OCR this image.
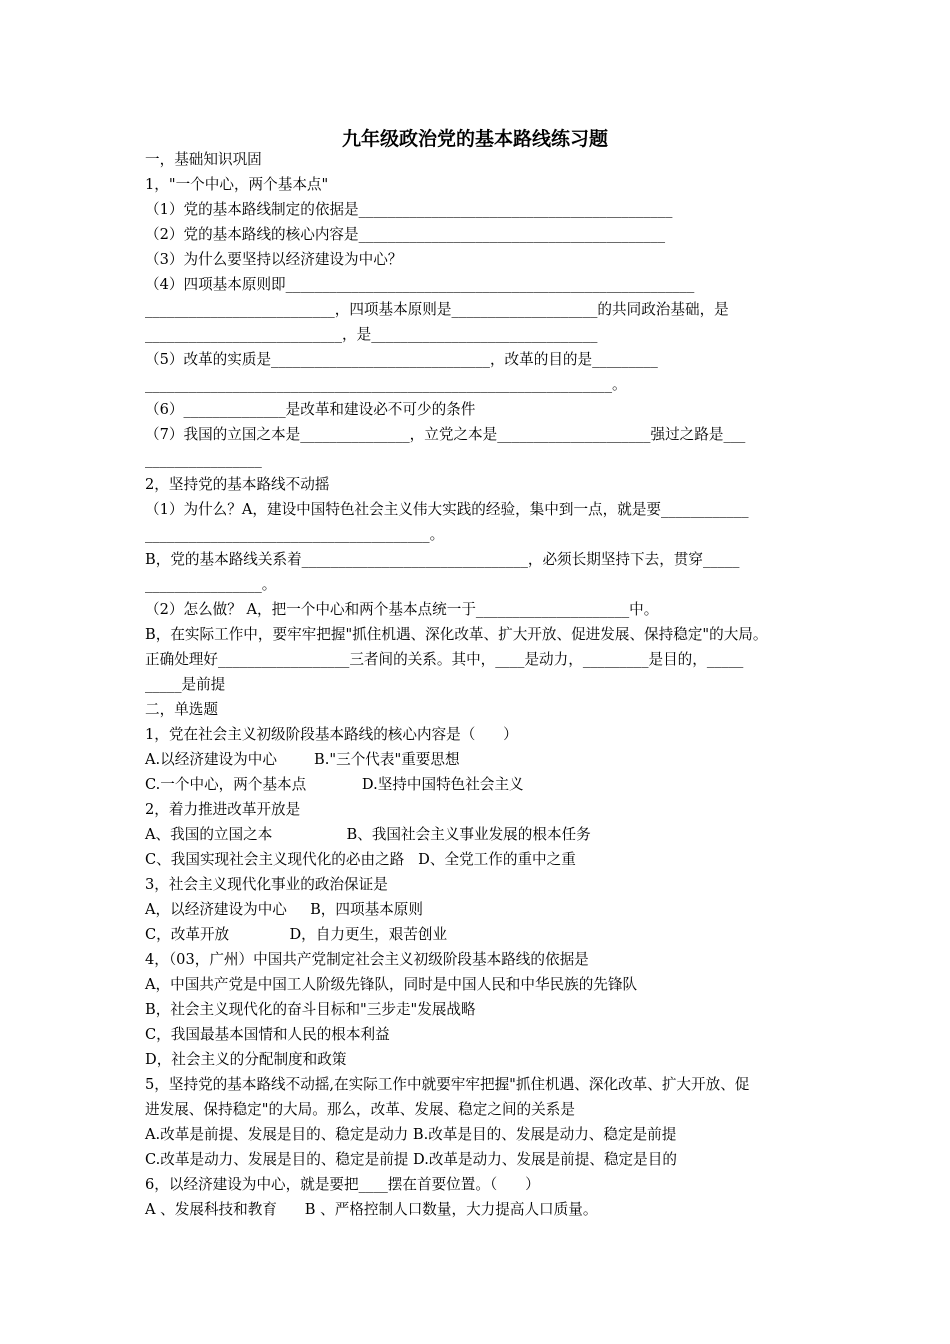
九年级政治党的基本路线练习题
一，基础知识巩固
1，"一个中心，两个基本点"
（1）党的基本路线制定的依据是___________________________________________
（2）党的基本路线的核心内容是__________________________________________
（3）为什么要坚持以经济建设为中心？
（4）四项基本原则即________________________________________________________
__________________________，四项基本原则是____________________的共同政治基础，是
___________________________，是_______________________________
（5）改革的实质是______________________________，改革的目的是_________
________________________________________________________________。
（6）______________是改革和建设必不可少的条件
（7）我国的立国之本是_______________，立党之本是_____________________强过之路是___
________________
2，坚持党的基本路线不动摇
（1）为什么？A，建设中国特色社会主义伟大实践的经验，集中到一点，就是要____________
_______________________________________。
B，党的基本路线关系着_______________________________，必须长期坚持下去，贯穿_____
________________。
（2）怎么做？ A，把一个中心和两个基本点统一于_____________________中。
B，在实际工作中，要牢牢把握"抓住机遇、深化改革、扩大开放、促进发展、保持稳定"的大局。
正确处理好__________________三者间的关系。其中，____是动力，_________是目的，_____
_____是前提
二，单选题
1，党在社会主义初级阶段基本路线的核心内容是（      ）
A.以经济建设为中心        B."三个代表"重要思想
C.一个中心，两个基本点            D.坚持中国特色社会主义
2，着力推进改革开放是
A、我国的立国之本                B、我国社会主义事业发展的根本任务
C、我国实现社会主义现代化的必由之路   D、全党工作的重中之重
3，社会主义现代化事业的政治保证是
A，以经济建设为中心     B，四项基本原则
C，改革开放             D，自力更生，艰苦创业
4，（03，广州）中国共产党制定社会主义初级阶段基本路线的依据是
A，中国共产党是中国工人阶级先锋队，同时是中国人民和中华民族的先锋队
B，社会主义现代化的奋斗目标和"三步走"发展战略
C，我国最基本国情和人民的根本利益
D，社会主义的分配制度和政策
5，坚持党的基本路线不动摇,在实际工作中就要牢牢把握"抓住机遇、深化改革、扩大开放、促
进发展、保持稳定"的大局。那么，改革、发展、稳定之间的关系是
A.改革是前提、发展是目的、稳定是动力 B.改革是目的、发展是动力、稳定是前提
C.改革是动力、发展是目的、稳定是前提 D.改革是动力、发展是前提、稳定是目的
6，以经济建设为中心，就是要把____摆在首要位置。（      ）
A 、发展科技和教育      B 、严格控制人口数量，大力提高人口质量。
